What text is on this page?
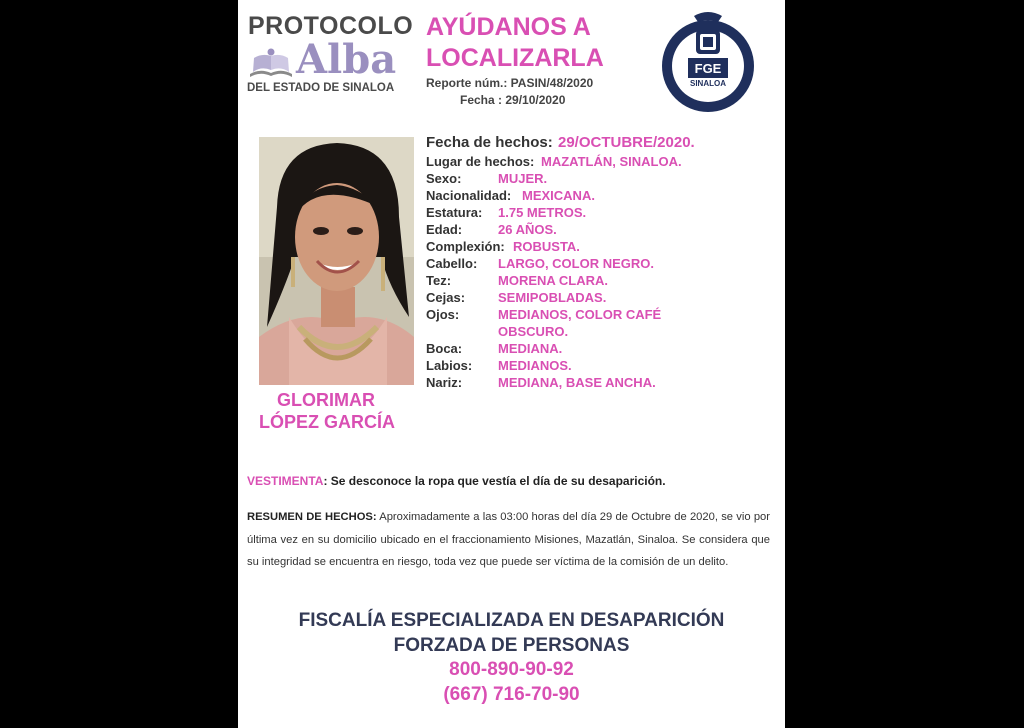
PROTOCOLO
Alba
DEL ESTADO DE SINALOA
AYÚDANOS A
LOCALIZARLA
Reporte núm.: PASIN/48/2020
Fecha : 29/10/2020
FGE
SINALOA
FISCALÍA GENERAL DEL ESTADO
GLORIMAR
LÓPEZ GARCÍA
Fecha de hechos: 29/OCTUBRE/2020.
Lugar de hechos: MAZATLÁN, SINALOA.
Sexo:	MUJER.
Nacionalidad: MEXICANA.
Estatura: 1.75 METROS.
Edad:	26 AÑOS.
Complexión: ROBUSTA.
Cabello: LARGO, COLOR NEGRO.
Tez:	MORENA CLARA.
Cejas:	SEMIPOBLADAS.
Ojos:	MEDIANOS, COLOR CAFÉ
OBSCURO.
Boca:	MEDIANA.
Labios: MEDIANOS.
Nariz:	MEDIANA, BASE ANCHA.
VESTIMENTA: Se desconoce la ropa que vestía el día de su desaparición.
RESUMEN DE HECHOS: Aproximadamente a las 03:00 horas del día 29 de Octubre de 2020, se vio por última vez en su domicilio ubicado en el fraccionamiento Misiones, Mazatlán, Sinaloa. Se considera que su integridad se encuentra en riesgo, toda vez que puede ser víctima de la comisión de un delito.
FISCALÍA ESPECIALIZADA EN DESAPARICIÓN
FORZADA DE PERSONAS
800-890-90-92
(667) 716-70-90
